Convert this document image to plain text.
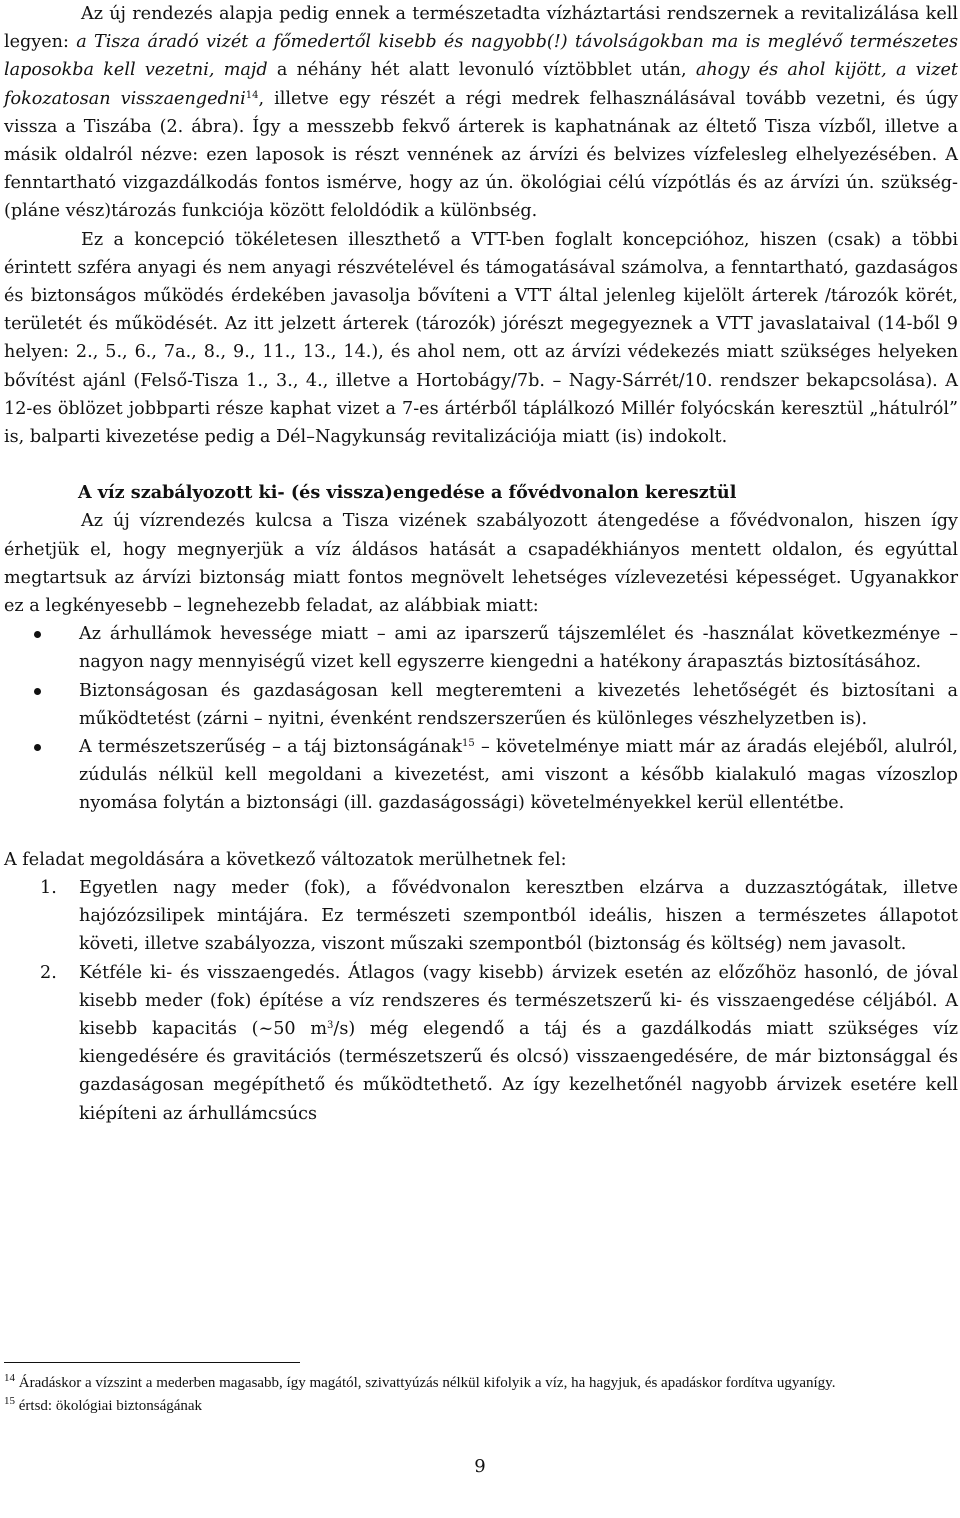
Az új rendezés alapja pedig ennek a természetadta vízháztartási rendszernek a revitalizálása kell legyen: a Tisza áradó vizét a főmedertől kisebb és nagyobb(!) távolságokban ma is meglévő természetes laposokba kell vezetni, majd a néhány hét alatt levonuló víztöbblet után, ahogy és ahol kijött, a vizet fokozatosan visszaengedni$^{14}$, illetve egy részét a régi medrek felhasználásával tovább vezetni, és úgy vissza a Tiszába (2. ábra). Így a messzebb fekvő árterek is kaphatnának az éltető Tisza vízből, illetve a másik oldalról nézve: ezen laposok is részt vennének az árvízi és belvizes vízfelesleg elhelyezésében. A fenntartható vizgazdálkodás fontos ismérve, hogy az ún. ökológiai célú vízpótlás és az árvízi ún. szükség- (pláne vész)tározás funkciója között feloldódik a különbség.

Ez a koncepció tökéletesen illeszthető a VTT-ben foglalt koncepcióhoz, hiszen (csak) a többi érintett szféra anyagi és nem anyagi részvételével és támogatásával számolva, a fenntartható, gazdaságos és biztonságos működés érdekében javasolja bővíteni a VTT által jelenleg kijelölt árterek /tározók körét, területét és működését. Az itt jelzett árterek (tározók) jórészt megegyeznek a VTT javaslataival (14-ből 9 helyen: 2., 5., 6., 7a., 8., 9., 11., 13., 14.), és ahol nem, ott az árvízi védekezés miatt szükséges helyeken bővítést ajánl (Felső-Tisza 1., 3., 4., illetve a Hortobágy/7b. – Nagy-Sárrét/10. rendszer bekapcsolása). A 12-es öblözet jobbparti része kaphat vizet a 7-es ártérből táplálkozó Millér folyócskán keresztül „hátulról” is, balparti kivezetése pedig a Dél–Nagykunság revitalizációja miatt (is) indokolt.

A víz szabályozott ki- (és vissza)engedése a fővédvonalon keresztül

Az új vízrendezés kulcsa a Tisza vizének szabályozott átengedése a fővédvonalon, hiszen így érhetjük el, hogy megnyerjük a víz áldásos hatását a csapadékhiányos mentett oldalon, és egyúttal megtartsuk az árvízi biztonság miatt fontos megnövelt lehetséges vízlevezetési képességet. Ugyanakkor ez a legkényesebb – legnehezebb feladat, az alábbiak miatt:

Az árhullámok hevessége miatt – ami az iparszerű tájszemlélet és -használat következménye – nagyon nagy mennyiségű vizet kell egyszerre kiengedni a hatékony árapasztás biztosításához.
Biztonságosan és gazdaságosan kell megteremteni a kivezetés lehetőségét és biztosítani a működtetést (zárni – nyitni, évenként rendszerszerűen és különleges vészhelyzetben is).
A természetszerűség – a táj biztonságának$^{15}$ – követelménye miatt már az áradás elejéből, alulról, zúdulás nélkül kell megoldani a kivezetést, ami viszont a később kialakuló magas vízoszlop nyomása folytán a biztonsági (ill. gazdaságossági) követelményekkel kerül ellentétbe.

A feladat megoldására a következő változatok merülhetnek fel:

1. Egyetlen nagy meder (fok), a fővédvonalon keresztben elzárva a duzzasztógátak, illetve hajózózsilipek mintájára. Ez természeti szempontból ideális, hiszen a természetes állapotot követi, illetve szabályozza, viszont műszaki szempontból (biztonság és költség) nem javasolt.
2. Kétféle ki- és visszaengedés. Átlagos (vagy kisebb) árvizek esetén az előzőhöz hasonló, de jóval kisebb meder (fok) építése a víz rendszeres és természetszerű ki- és visszaengedése céljából. A kisebb kapacitás (~50 $m^3/s$) még elegendő a táj és a gazdálkodás miatt szükséges víz kiengedésére és gravitációs (természetszerű és olcsó) visszaengedésére, de már biztonsággal és gazdaságosan megépíthető és működtethető. Az így kezelhetőnél nagyobb árvizek esetére kell kiépíteni az árhullámcsúcs

$^{14}$ Áradáskor a vízszint a mederben magasabb, így magától, szivattyúzás nélkül kifolyik a víz, ha hagyjuk, és apadáskor fordítva ugyanígy.

$^{15}$ értsd: ökológiai biztonságának

9
